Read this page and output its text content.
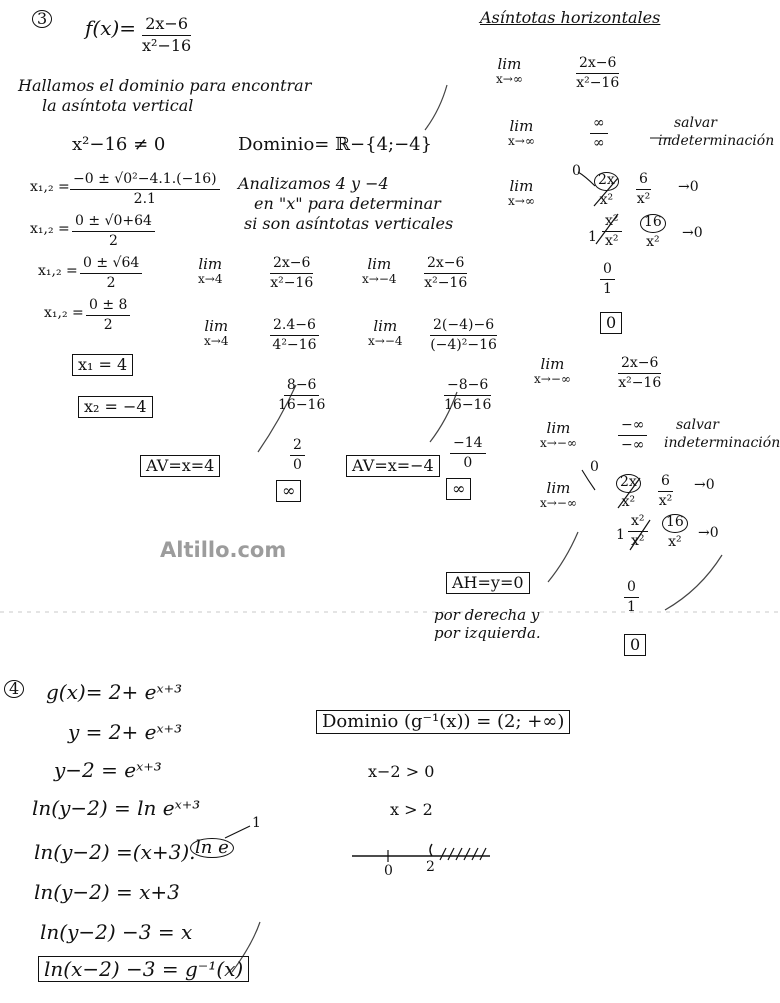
3 $f(x)= \frac{2x-6}{\text{x²−16}}$
Hallamos el dominio para encontrar
la asíntota vertical
x²−16 ≠ 0	Dominio= ℝ−{4;−4}
Analizamos 4 y −4
en "x" para determinar
si son asíntotas verticales
$x_1,_2 = \frac{\text{−0 ± √0²−4.1.(−16)}}{2.1}$
$x_1,_2 = \frac{0 \pm √0+64}{2}$
$x_1,_2 = \frac{0 \pm √64}{2}$
$x_1,_2 = \frac{0 \pm 8}{2}$
x₁ = 4
x₂ = −4
lim
x→4	$\frac{2x-6}{\text{x²−16}}$
lim
x→4	$\frac{2.4-6}{\text{4²−16}}$
$\frac{8-6}{16-16}$
$\frac{2}{0}$
∞
AV=x=4
lim
$x\to-4 \frac{2x-6}{\text{x²−16}}$
lim
$x\to-4 \frac{2(-4)-6}{\text{(−4)²−16}}$
$\frac{-8-6}{16-16}$
$\frac{-14}{0}$
∞
AV=x=−4
Altillo.com
Asíntotas horizontales
lim
x→∞	$\frac{2x-6}{\text{x²−16}}$
lim
x→∞
∞
∞
salvar
indeterminación
lim
x→∞
0
$\frac{2x}{\text{x²}} \frac{6}{\text{x²}} \to 0$
$1 \frac{\text{x²}}{\text{x²}} \frac{16}{\text{x²}} \to 0$
$\frac{0}{1}$
0
lim
x→−∞	$\frac{2x-6}{\text{x²−16}}$
lim
x→−∞
−∞
−∞
salvar
indeterminación
lim
x→−∞
0
$\frac{2x}{\text{x²}} \frac{6}{\text{x²}} \to 0$
$1 \frac{\text{x²}}{\text{x²}} \frac{16}{\text{x²}} \to 0$
$\frac{0}{1}$
0
AH=y=0
por derecha y
por izquierda.
4 g(x)= 2+ eˣ⁺³
y = 2+ eˣ⁺³
y−2 = eˣ⁺³
ln(y−2) = ln eˣ⁺³
ln(y−2) =(x+3). ln e
1
ln(y−2) = x+3
ln(y−2) −3 = x
ln(x−2) −3 = g⁻¹(x)
Dominio (g⁻¹(x)) = (2; +∞)
x−2 > 0
x > 2
0 2
